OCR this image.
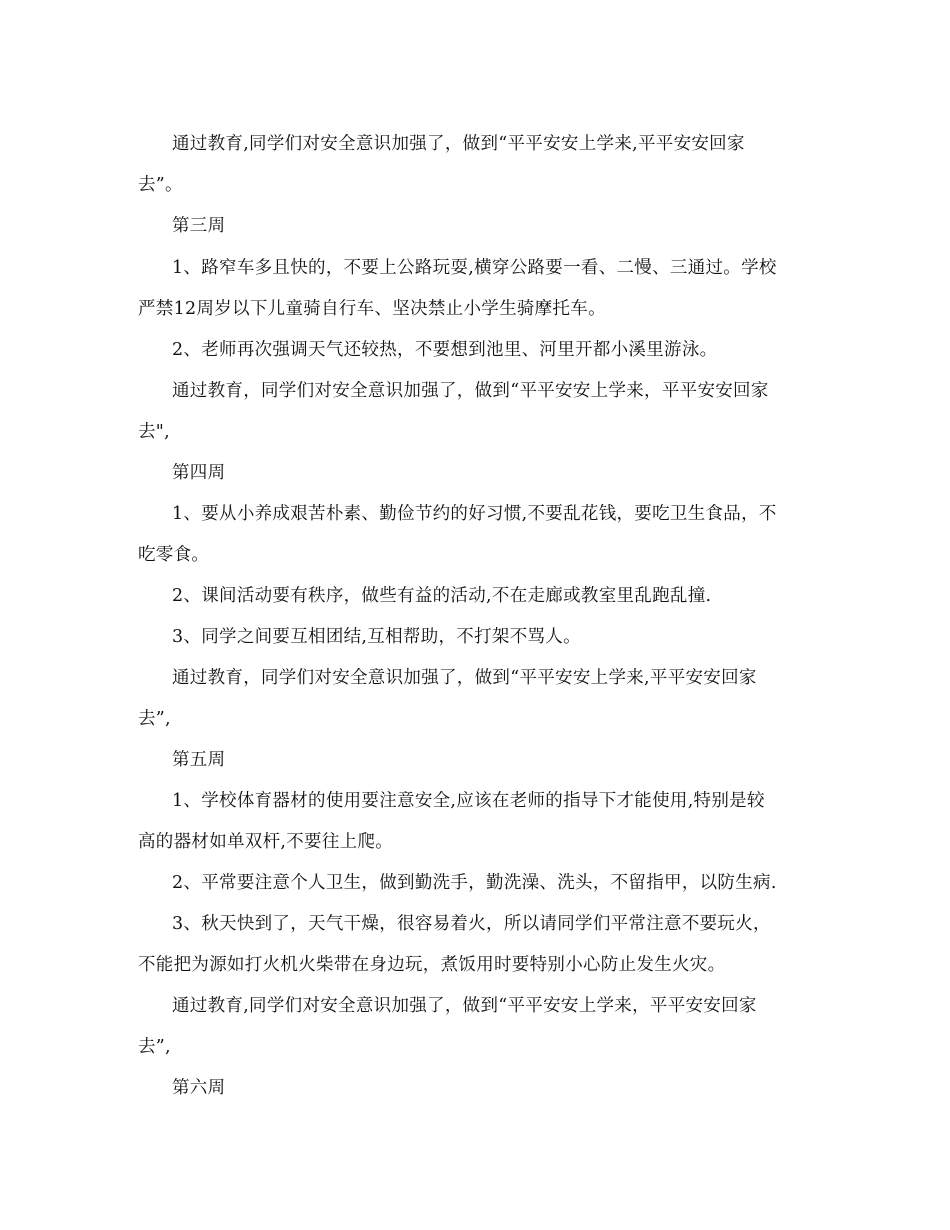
通过教育,同学们对安全意识加强了，做到“平平安安上学来,平平安安回家
去”。
第三周
1、路窄车多且快的，不要上公路玩耍,横穿公路要一看、二慢、三通过。学校
严禁12周岁以下儿童骑自行车、坚决禁止小学生骑摩托车。
2、老师再次强调天气还较热，不要想到池里、河里开都小溪里游泳。
通过教育，同学们对安全意识加强了，做到“平平安安上学来，平平安安回家
去",
第四周
1、要从小养成艰苦朴素、勤俭节约的好习惯,不要乱花钱，要吃卫生食品，不
吃零食。
2、课间活动要有秩序，做些有益的活动,不在走廊或教室里乱跑乱撞.
3、同学之间要互相团结,互相帮助，不打架不骂人。
通过教育，同学们对安全意识加强了，做到“平平安安上学来,平平安安回家
去”,
第五周
1、学校体育器材的使用要注意安全,应该在老师的指导下才能使用,特别是较
高的器材如单双杆,不要往上爬。
2、平常要注意个人卫生，做到勤洗手，勤洗澡、洗头，不留指甲，以防生病.
3、秋天快到了，天气干燥，很容易着火，所以请同学们平常注意不要玩火，
不能把为源如打火机火柴带在身边玩，煮饭用时要特别小心防止发生火灾。
通过教育,同学们对安全意识加强了，做到“平平安安上学来，平平安安回家
去”,
第六周
